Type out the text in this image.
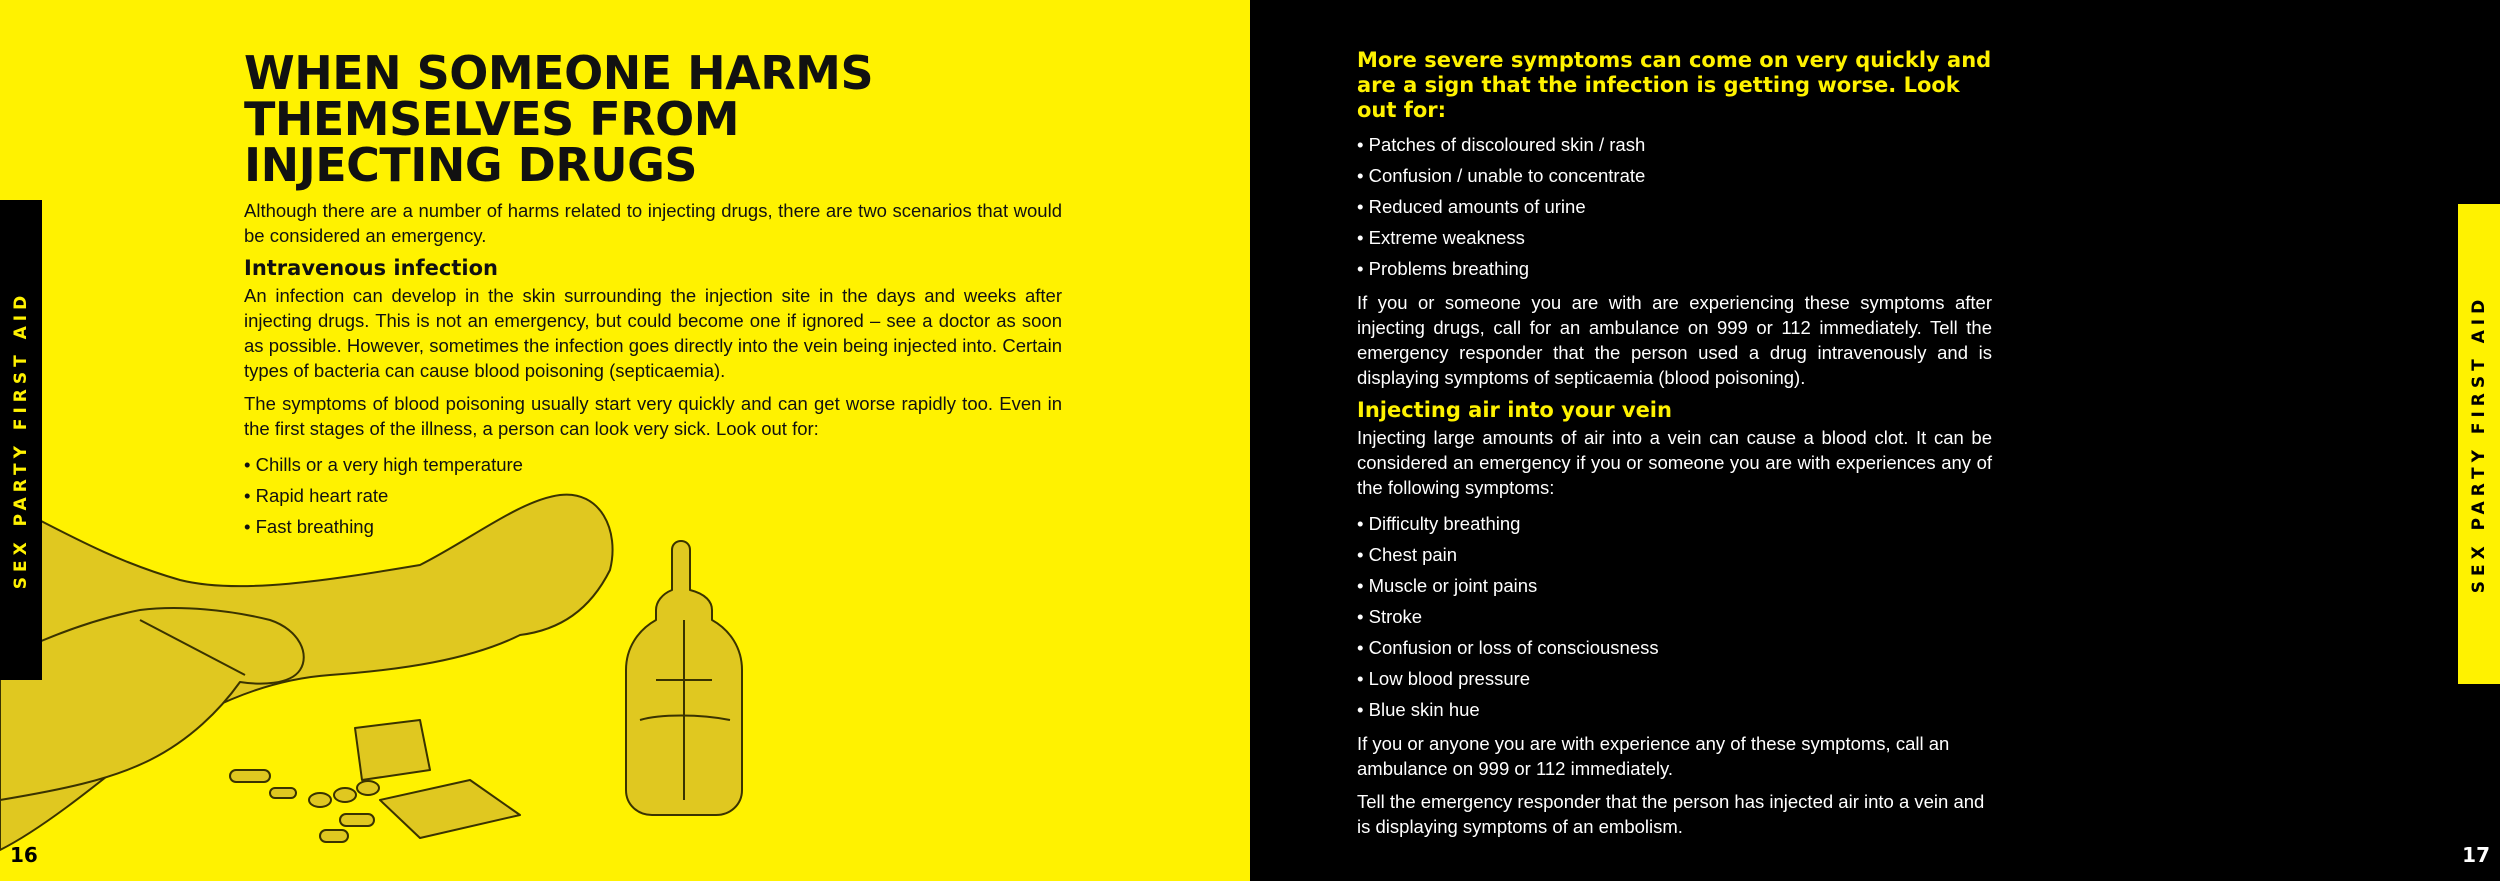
SEX PARTY FIRST AID
WHEN SOMEONE HARMS
THEMSELVES FROM
INJECTING DRUGS

Although there are a number of harms related to injecting drugs, there are two scenarios that would be considered an emergency.

Intravenous infection

An infection can develop in the skin surrounding the injection site in the days and weeks after injecting drugs. This is not an emergency, but could become one if ignored – see a doctor as soon as possible. However, sometimes the infection goes directly into the vein being injected into. Certain types of bacteria can cause blood poisoning (septicaemia).

The symptoms of blood poisoning usually start very quickly and can get worse rapidly too. Even in the first stages of the illness, a person can look very sick. Look out for:

• Chills or a very high temperature
• Rapid heart rate
• Fast breathing
16
SEX PARTY FIRST AID
More severe symptoms can come on very quickly and are a sign that the infection is getting worse. Look out for:
• Patches of discoloured skin / rash
• Confusion / unable to concentrate
• Reduced amounts of urine
• Extreme weakness
• Problems breathing

If you or someone you are with are experiencing these symptoms after injecting drugs, call for an ambulance on 999 or 112 immediately. Tell the emergency responder that the person used a drug intravenously and is displaying symptoms of septicaemia (blood poisoning).

Injecting air into your vein

Injecting large amounts of air into a vein can cause a blood clot. It can be considered an emergency if you or someone you are with experiences any of the following symptoms:

• Difficulty breathing
• Chest pain
• Muscle or joint pains
• Stroke
• Confusion or loss of consciousness
• Low blood pressure
• Blue skin hue

If you or anyone you are with experience any of these symptoms, call an ambulance on 999 or 112 immediately.

Tell the emergency responder that the person has injected air into a vein and is displaying symptoms of an embolism.

17
